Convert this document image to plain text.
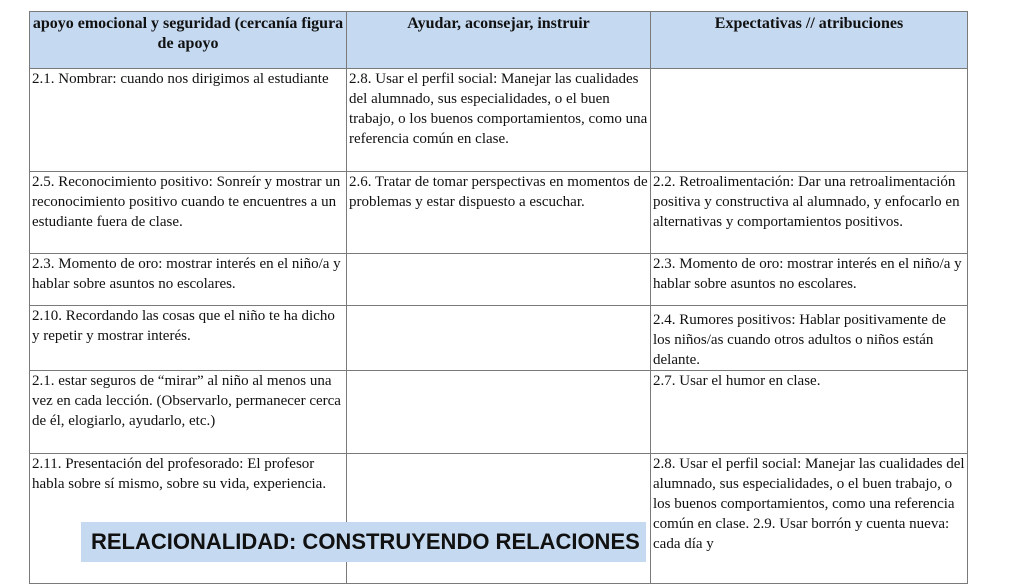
apoyo emocional y seguridad (cercanía figura de apoyo	Ayudar, aconsejar, instruir	Expectativas // atribuciones
2.1. Nombrar: cuando nos dirigimos al estudiante	2.8. Usar el perfil social: Manejar las cualidades del alumnado, sus especialidades, o el buen trabajo, o los buenos comportamientos, como una referencia común en clase.	
2.5. Reconocimiento positivo: Sonreír y mostrar un reconocimiento positivo cuando te encuentres a un estudiante fuera de clase.	2.6. Tratar de tomar perspectivas en momentos de problemas y estar dispuesto a escuchar.	2.2. Retroalimentación: Dar una retroalimentación positiva y constructiva al alumnado, y enfocarlo en alternativas y comportamientos positivos.
2.3. Momento de oro: mostrar interés en el niño/a y hablar sobre asuntos no escolares.		2.3. Momento de oro: mostrar interés en el niño/a y hablar sobre asuntos no escolares.
2.10. Recordando las cosas que el niño te ha dicho y repetir y mostrar interés.		2.4. Rumores positivos: Hablar positivamente de los niños/as cuando otros adultos o niños están delante.
2.1. estar seguros de “mirar” al niño al menos una vez en cada lección. (Observarlo, permanecer cerca de él, elogiarlo, ayudarlo, etc.)		2.7. Usar el humor en clase.
2.11. Presentación del profesorado: El profesor habla sobre sí mismo, sobre su vida, experiencia.		2.8. Usar el perfil social: Manejar las cualidades del alumnado, sus especialidades, o el buen trabajo, o los buenos comportamientos, como una referencia común en clase. 2.9. Usar borrón y cuenta nueva: cada día y
RELACIONALIDAD: CONSTRUYENDO RELACIONES
